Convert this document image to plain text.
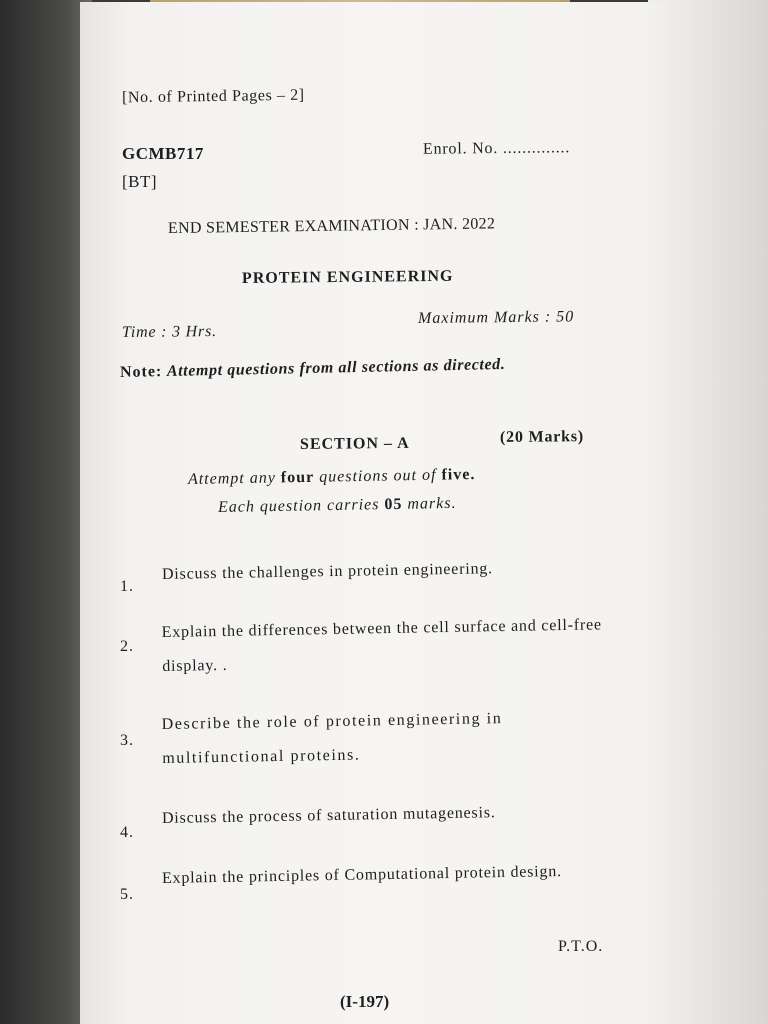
[No. of Printed Pages – 2]
GCMB717
[BT]
Enrol. No. ..............
END SEMESTER EXAMINATION : JAN. 2022
PROTEIN ENGINEERING
Time : 3 Hrs.
Maximum Marks : 50
Note: Attempt questions from all sections as directed.
SECTION – A	(20 Marks)
Attempt any four questions out of five.
Each question carries 05 marks.
1.
Discuss the challenges in protein engineering.
2.
Explain the differences between the cell surface and cell-free display. .
3.
Describe the role of protein engineering in multifunctional proteins.
4.
Discuss the process of saturation mutagenesis.
5.
Explain the principles of Computational protein design.
P.T.O.
(I-197)
